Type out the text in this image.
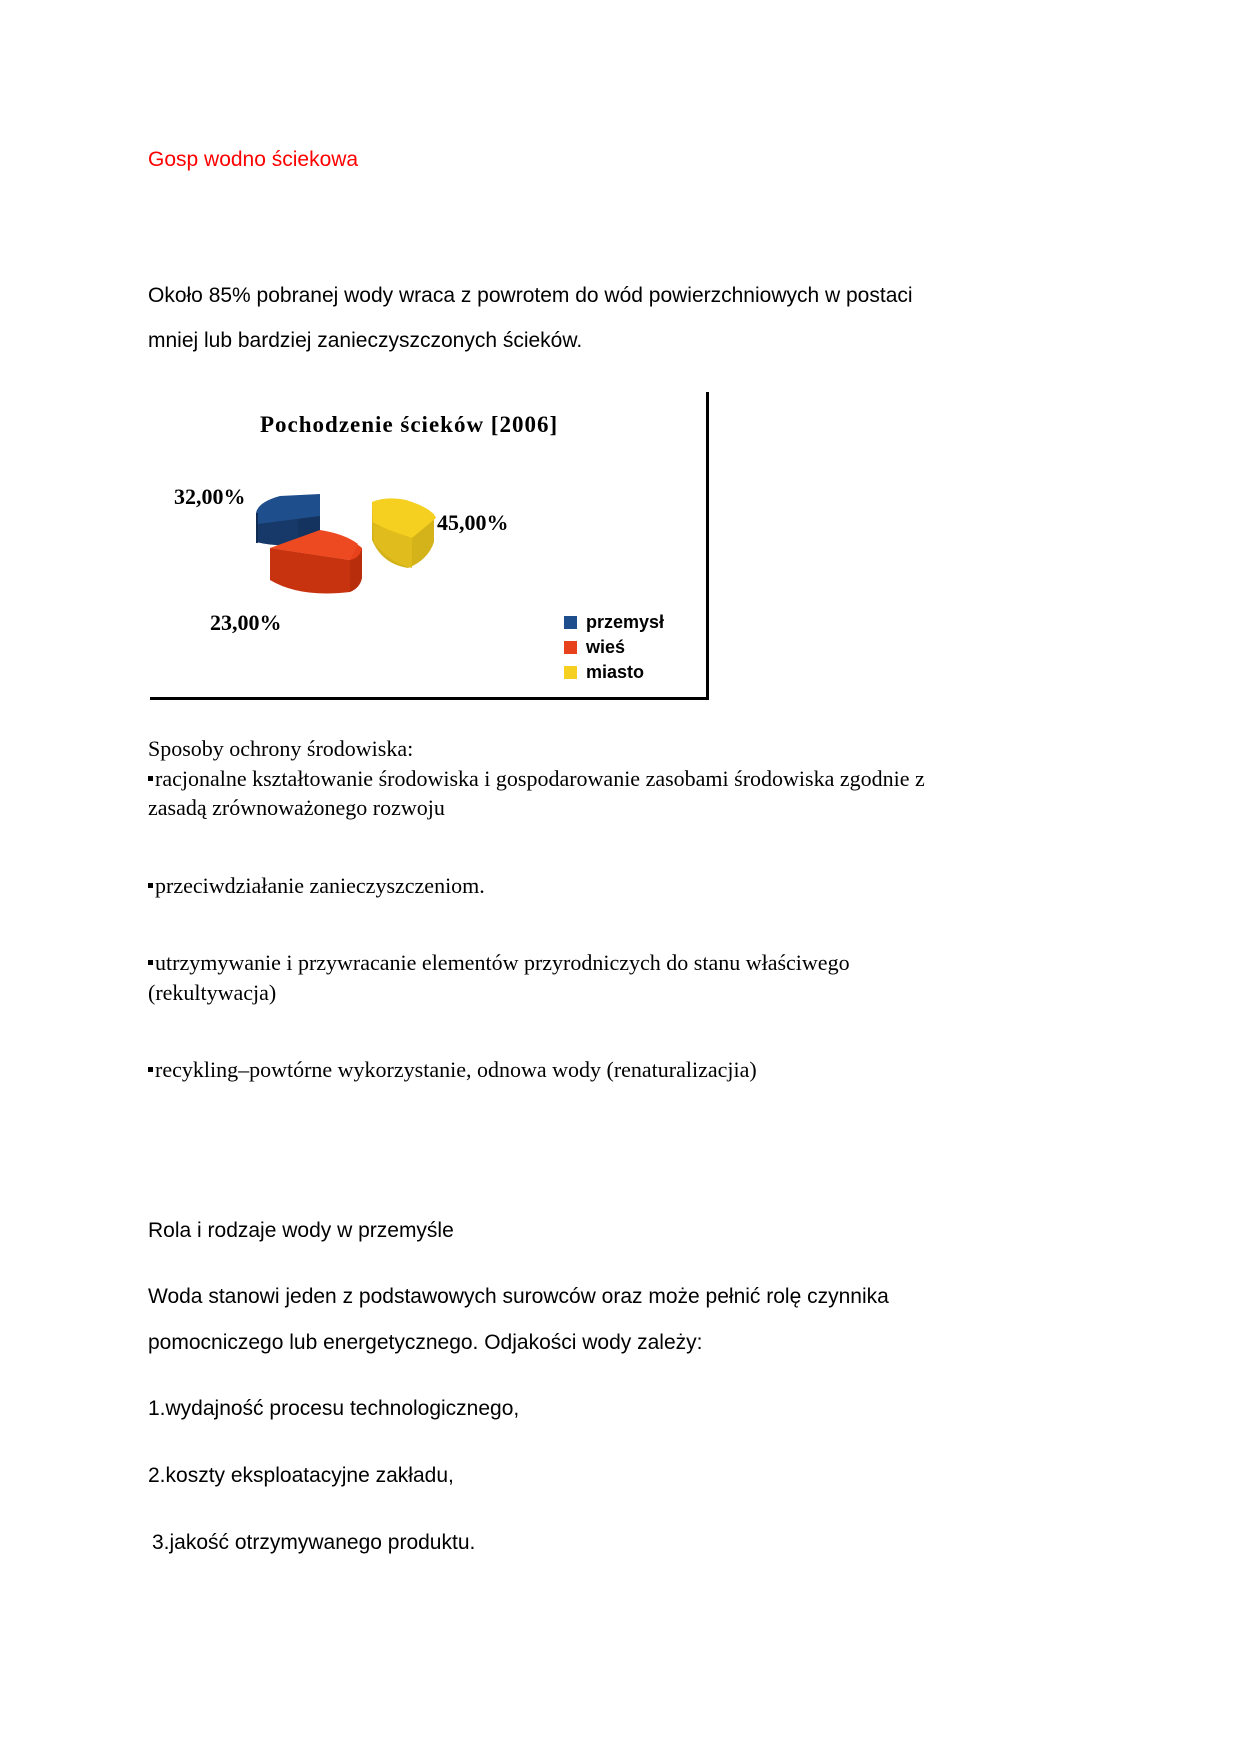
Gosp wodno ściekowa
Około 85% pobranej wody wraca z powrotem do wód powierzchniowych w postaci
mniej lub bardziej zanieczyszczonych ścieków.
Pochodzenie ścieków [2006]
32,00%
45,00%
23,00%	przemysł
wieś
miasto
Sposoby ochrony środowiska:
racjonalne kształtowanie środowiska i gospodarowanie zasobami środowiska zgodnie z
zasadą zrównoważonego rozwoju
przeciwdziałanie zanieczyszczeniom.
utrzymywanie i przywracanie elementów przyrodniczych do stanu właściwego
(rekultywacja)
recykling–powtórne wykorzystanie, odnowa wody (renaturalizacjia)
Rola i rodzaje wody w przemyśle
Woda stanowi jeden z podstawowych surowców oraz może pełnić rolę czynnika
pomocniczego lub energetycznego. Odjakości wody zależy:
1.wydajność procesu technologicznego,
2.koszty eksploatacyjne zakładu,
3.jakość otrzymywanego produktu.
